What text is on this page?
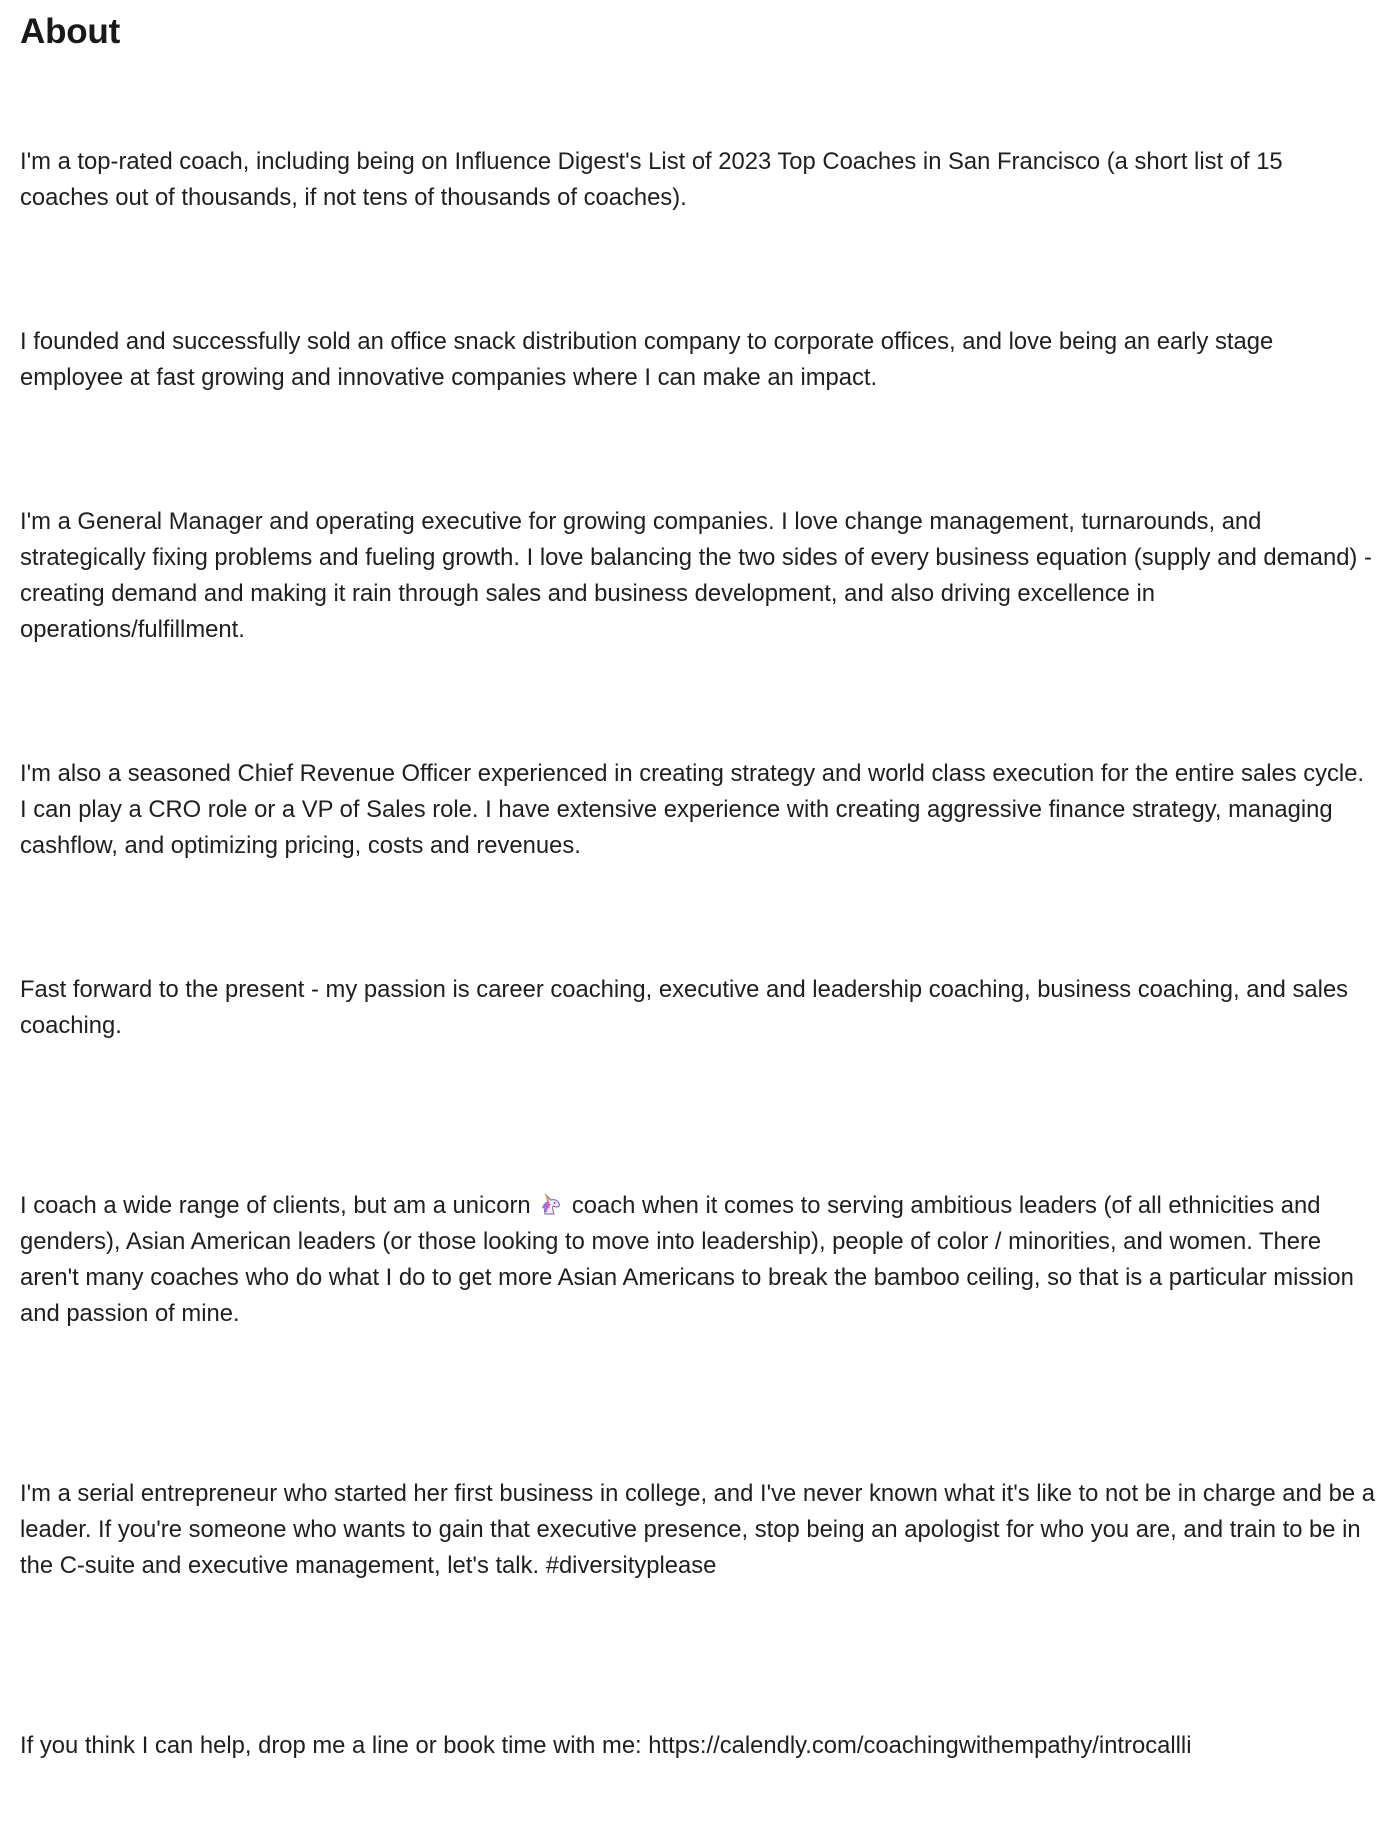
About

I'm a top-rated coach, including being on Influence Digest's List of 2023 Top Coaches in San Francisco (a short list of 15 coaches out of thousands, if not tens of thousands of coaches).

I founded and successfully sold an office snack distribution company to corporate offices, and love being an early stage employee at fast growing and innovative companies where I can make an impact.

I'm a General Manager and operating executive for growing companies. I love change management, turnarounds, and strategically fixing problems and fueling growth. I love balancing the two sides of every business equation (supply and demand) - creating demand and making it rain through sales and business development, and also driving excellence in operations/fulfillment.

I'm also a seasoned Chief Revenue Officer experienced in creating strategy and world class execution for the entire sales cycle. I can play a CRO role or a VP of Sales role. I have extensive experience with creating aggressive finance strategy, managing cashflow, and optimizing pricing, costs and revenues.

Fast forward to the present - my passion is career coaching, executive and leadership coaching, business coaching, and sales coaching.

I coach a wide range of clients, but am a unicorn  coach when it comes to serving ambitious leaders (of all ethnicities and genders), Asian American leaders (or those looking to move into leadership), people of color / minorities, and women. There aren't many coaches who do what I do to get more Asian Americans to break the bamboo ceiling, so that is a particular mission and passion of mine.

I'm a serial entrepreneur who started her first business in college, and I've never known what it's like to not be in charge and be a leader. If you're someone who wants to gain that executive presence, stop being an apologist for who you are, and train to be in the C-suite and executive management, let's talk. #diversityplease

If you think I can help, drop me a line or book time with me: https://calendly.com/coachingwithempathy/introcallli
